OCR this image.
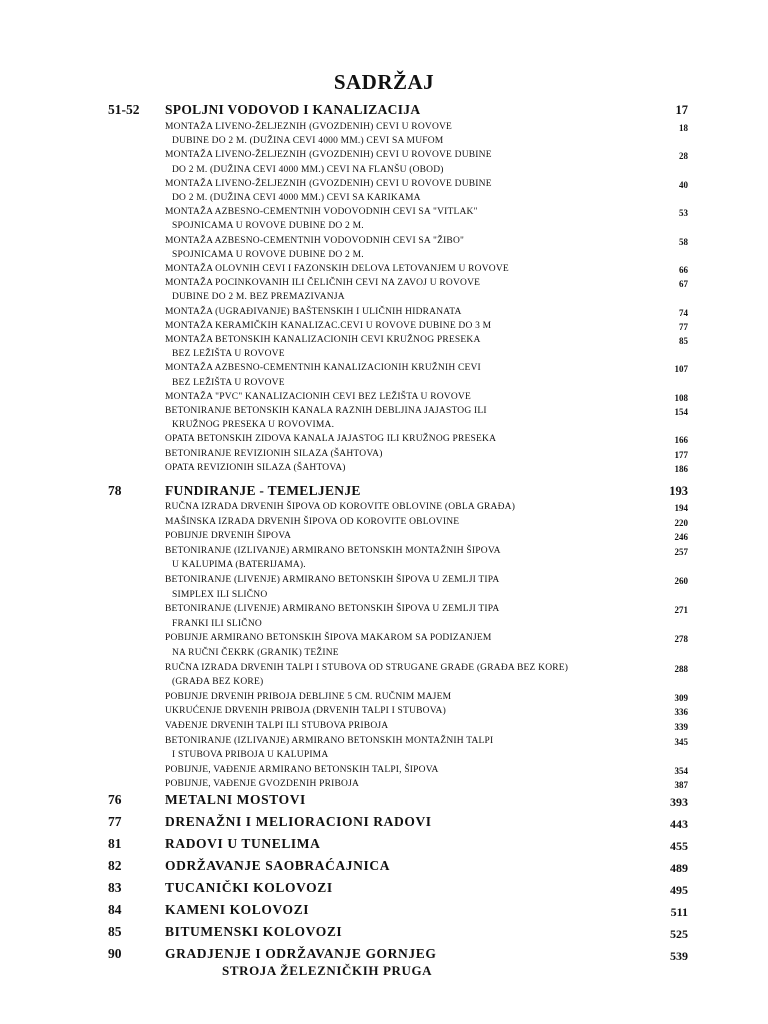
SADRŽAJ
51-52 SPOLJNI VODOVOD I KANALIZACIJA	17
MONTAŽA LIVENO-ŽELJEZNIH (GVOZDENIH) CEVI U ROVOVE	18
DUBINE DO 2 M. (DUŽINA CEVI 4000 MM.) CEVI SA MUFOM
MONTAŽA LIVENO-ŽELJEZNIH (GVOZDENIH) CEVI U ROVOVE DUBINE	28
DO 2 M. (DUŽINA CEVI 4000 MM.) CEVI NA FLANŠU (OBOD)
MONTAŽA LIVENO-ŽELJEZNIH (GVOZDENIH) CEVI U ROVOVE DUBINE	40
DO 2 M. (DUŽINA CEVI 4000 MM.) CEVI SA KARIKAMA
MONTAŽA AZBESNO-CEMENTNIH VODOVODNIH CEVI SA "VITLAK"	53
SPOJNICAMA U ROVOVE DUBINE DO 2 M.
MONTAŽA AZBESNO-CEMENTNIH VODOVODNIH CEVI SA "ŽIBO"	58
SPOJNICAMA U ROVOVE DUBINE DO 2 M.
MONTAŽA OLOVNIH CEVI I FAZONSKIH DELOVA LETOVANJEM U ROVOVE	66
MONTAŽA POCINKOVANIH ILI ČELIČNIH CEVI NA ZAVOJ U ROVOVE	67
DUBINE DO 2 M. BEZ PREMAZIVANJA
MONTAŽA (UGRAĐIVANJE) BAŠTENSKIH I ULIČNIH HIDRANATA	74
MONTAŽA KERAMIČKIH KANALIZAC.CEVI U ROVOVE DUBINE DO 3 M	77
MONTAŽA BETONSKIH KANALIZACIONIH CEVI KRUŽNOG PRESEKA	85
BEZ LEŽIŠTA U ROVOVE
MONTAŽA AZBESNO-CEMENTNIH KANALIZACIONIH KRUŽNIH CEVI	107
BEZ LEŽIŠTA U ROVOVE
MONTAŽA "PVC" KANALIZACIONIH CEVI BEZ LEŽIŠTA U ROVOVE	108
BETONIRANJE BETONSKIH KANALA RAZNIH DEBLJINA JAJASTOG ILI	154
KRUŽNOG PRESEKA U ROVOVIMA.
OPATA BETONSKIH ZIDOVA KANALA JAJASTOG ILI KRUŽNOG PRESEKA	166
BETONIRANJE REVIZIONIH SILAZA (ŠAHTOVA)	177
OPATA REVIZIONIH SILAZA (ŠAHTOVA)	186
78	FUNDIRANJE - TEMELJENJE	193
RUČNA IZRADA DRVENIH ŠIPOVA OD KOROVITE OBLOVINE (OBLA GRAĐA)	194
MAŠINSKA IZRADA DRVENIH ŠIPOVA OD KOROVITE OBLOVINE	220
POBIJNJE DRVENIH ŠIPOVA	246
BETONIRANJE (IZLIVANJE) ARMIRANO BETONSKIH MONTAŽNIH ŠIPOVA	257
U KALUPIMA (BATERIJAMA).
BETONIRANJE (LIVENJE) ARMIRANO BETONSKIH ŠIPOVA U ZEMLJI TIPA	260
SIMPLEX ILI SLIČNO
BETONIRANJE (LIVENJE) ARMIRANO BETONSKIH ŠIPOVA U ZEMLJI TIPA	271
FRANKI ILI SLIČNO
POBIJNJE ARMIRANO BETONSKIH ŠIPOVA MAKAROM SA PODIZANJEM	278
NA RUČNI ČEKRK (GRANIK) TEŽINE
RUČNA IZRADA DRVENIH TALPI I STUBOVA OD STRUGANE GRAĐE (GRAĐA BEZ KORE)	288
(GRAĐA BEZ KORE)
POBIJNJE DRVENIH PRIBOJA DEBLJINE 5 CM. RUČNIM MAJEM	309
UKRUĆENJE DRVENIH PRIBOJA (DRVENIH TALPI I STUBOVA)	336
VAĐENJE DRVENIH TALPI ILI STUBOVA PRIBOJA	339
BETONIRANJE (IZLIVANJE) ARMIRANO BETONSKIH MONTAŽNIH TALPI	345
I STUBOVA PRIBOJA U KALUPIMA
POBIJNJE, VAĐENJE ARMIRANO BETONSKIH TALPI, ŠIPOVA	354
POBIJNJE, VAĐENJE GVOZDENIH PRIBOJA	387
76	METALNI MOSTOVI	393
77	DRENAŽNI I MELIORACIONI RADOVI	443
81	RADOVI U TUNELIMA	455
82	ODRŽAVANJE SAOBRAĆAJNICA	489
83	TUCANIČKI KOLOVOZI	495
84	KAMENI KOLOVOZI	511
85	BITUMENSKI KOLOVOZI	525
90	GRADJENJE I ODRŽAVANJE GORNJEG	539
STROJA ŽELEZNIČKIH PRUGA
